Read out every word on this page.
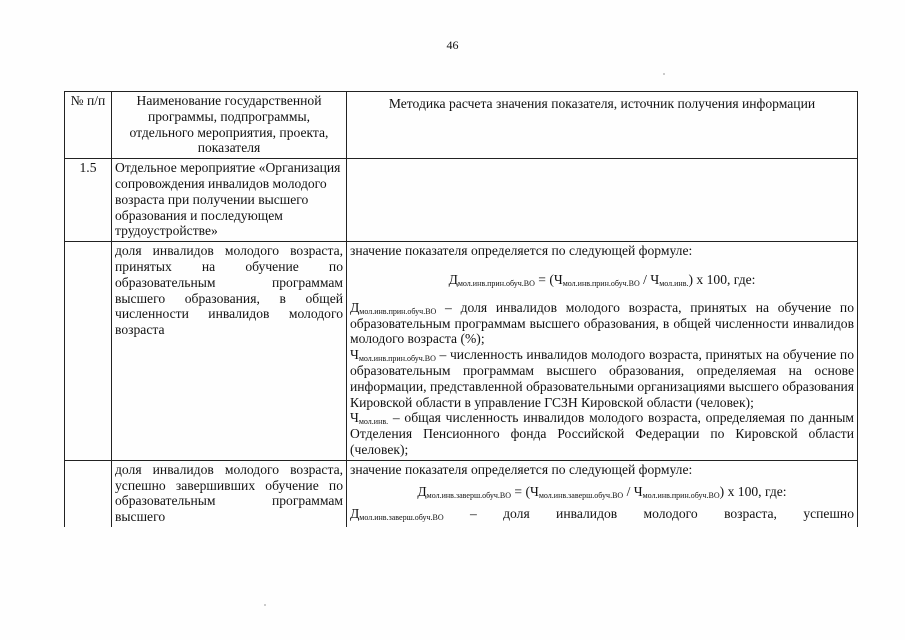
46
№ п/п	Наименование государственной программы, подпрограммы, отдельного мероприятия, проекта, показателя	Методика расчета значения показателя, источник получения информации
1.5	Отдельное мероприятие «Организация сопровождения инвалидов молодого возраста при получении высшего образования и последующем трудоустройстве»	
	доля инвалидов молодого возраста, принятых на обучение по образовательным программам высшего образования, в общей численности инвалидов молодого возраста	значение показателя определяется по следующей формуле:
$Д_{мол.инв.прин.обуч.ВО} = (Ч_{мол.инв.прин.обуч.ВО} / Ч_{мол.инв.})$ x 100, где:

$Д_{мол.инв.прин.обуч.ВО}$ – доля инвалидов молодого возраста, принятых на обучение по образовательным программам высшего образования, в общей численности инвалидов молодого возраста (%);

$Ч_{мол.инв.прин.обуч.ВО}$ – численность инвалидов молодого возраста, принятых на обучение по образовательным программам высшего образования, определяемая на основе информации, представленной образовательными организациями высшего образования Кировской области в управление ГСЗН Кировской области (человек);

$Ч_{мол.инв.}$ – общая численность инвалидов молодого возраста, определяемая по данным Отделения Пенсионного фонда Российской Федерации по Кировской области (человек);

	доля инвалидов молодого возраста, успешно завершивших обучение по образовательным программам высшего	значение показателя определяется по следующей формуле:
$Д_{мол.инв.заверш.обуч.ВО} = (Ч_{мол.инв.заверш.обуч.ВО} / Ч_{мол.инв.прин.обуч.ВО})$ x 100, где:

$Д_{мол.инв.заверш.обуч.ВО}$ – доля инвалидов молодого возраста, успешно
